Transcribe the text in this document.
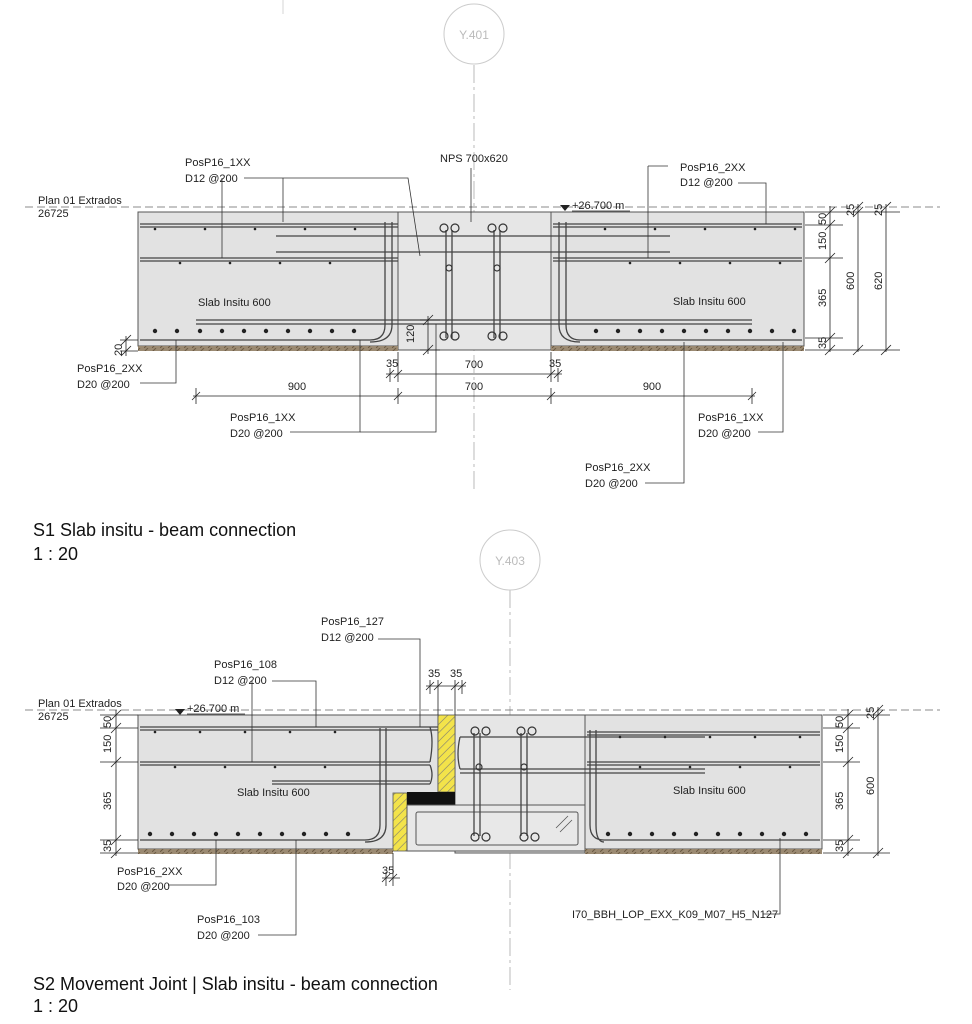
Y.401
Plan 01 Extrados
26725
+26.700 m
Slab Insitu 600	Slab Insitu 600
NPS 700x620
PosP16_1XX
D12 @200
PosP16_2XX
D12 @200
PosP16_2XX
D20 @200
PosP16_1XX
D20 @200
PosP16_1XX
D20 @200
PosP16_2XX
D20 @200
25 25
50
150
365
35
600 620
20
120
35	35
700
700
900	900
Y.403
Plan 01 Extrados
26725
+26.700 m
Slab Insitu 600	Slab Insitu 600
PosP16_127
D12 @200
PosP16_108
D12 @200
PosP16_2XX
D20 @200
PosP16_103
D20 @200
I70_BBH_LOP_EXX_K09_M07_H5_N127
50
150
365
35
25
50
150
365
35
600
35 35
35
S1 Slab insitu - beam connection
1 : 20
S2 Movement Joint | Slab insitu - beam connection
1 : 20
